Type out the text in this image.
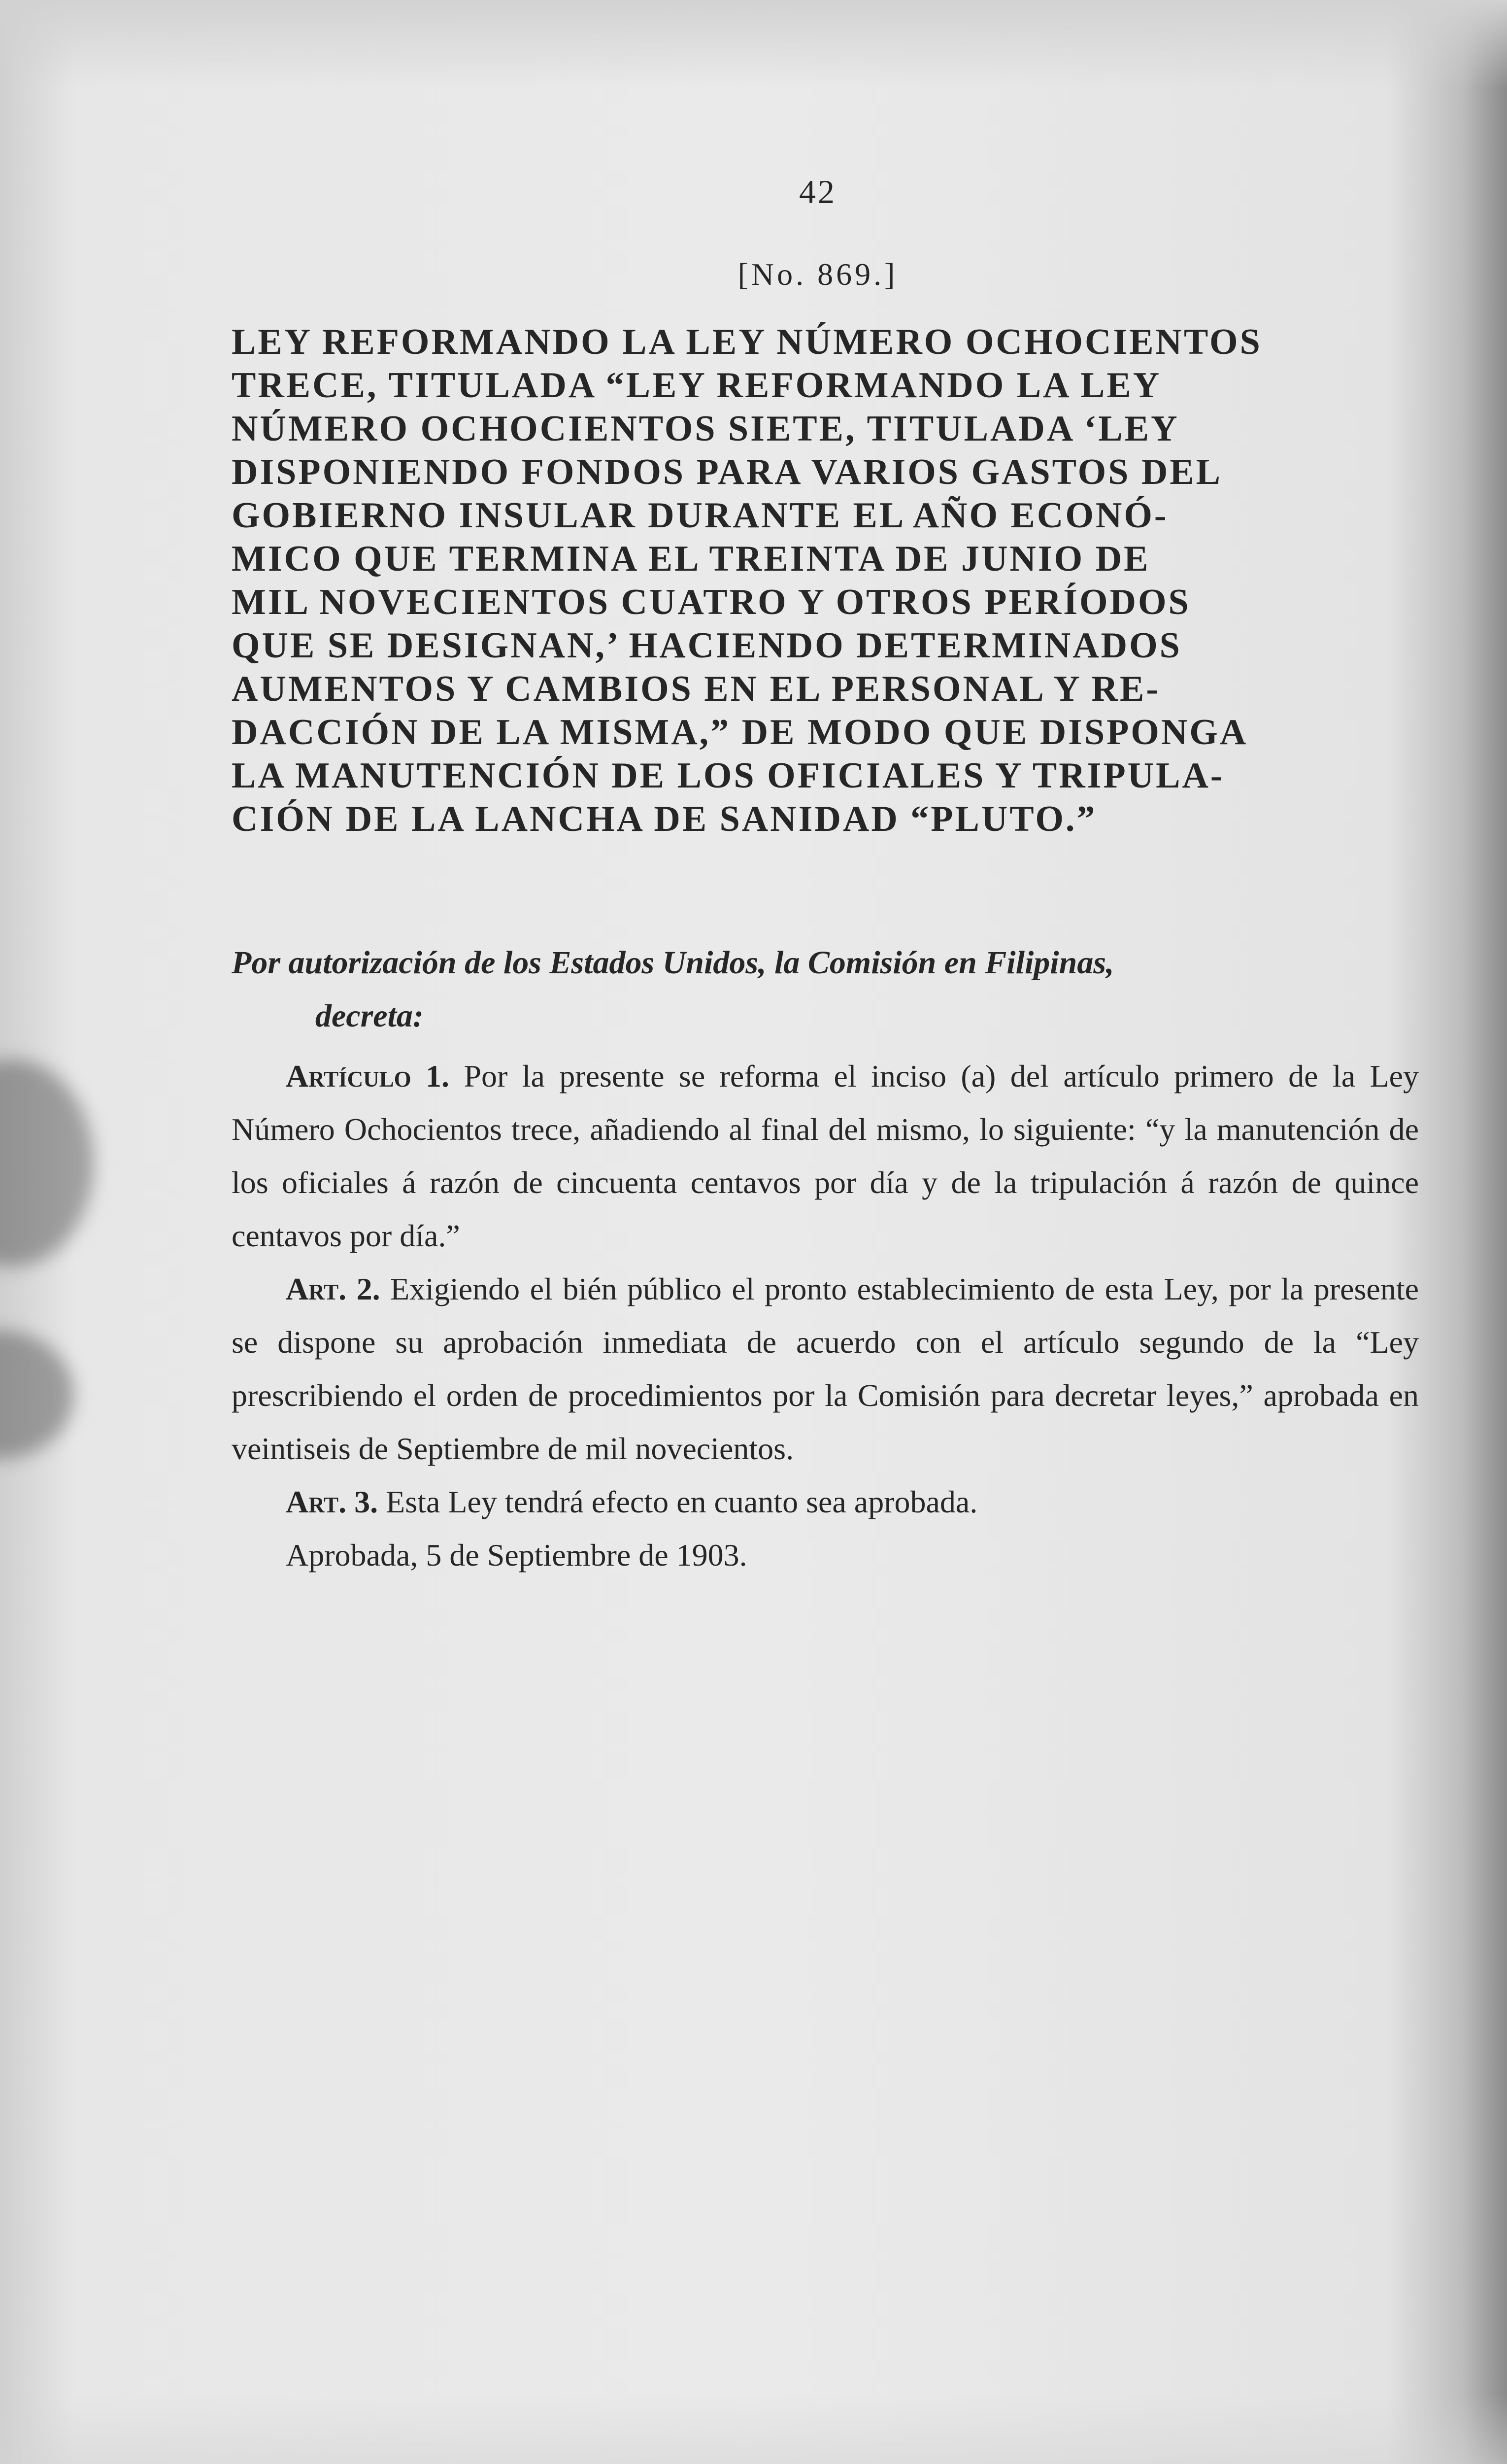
42
[No. 869.]
LEY REFORMANDO LA LEY NÚMERO OCHOCIENTOS
TRECE, TITULADA “LEY REFORMANDO LA LEY
NÚMERO OCHOCIENTOS SIETE, TITULADA ‘LEY
DISPONIENDO FONDOS PARA VARIOS GASTOS DEL
GOBIERNO INSULAR DURANTE EL AÑO ECONÓ-
MICO QUE TERMINA EL TREINTA DE JUNIO DE
MIL NOVECIENTOS CUATRO Y OTROS PERÍODOS
QUE SE DESIGNAN,’ HACIENDO DETERMINADOS
AUMENTOS Y CAMBIOS EN EL PERSONAL Y RE-
DACCIÓN DE LA MISMA,” DE MODO QUE DISPONGA
LA MANUTENCIÓN DE LOS OFICIALES Y TRIPULA-
CIÓN DE LA LANCHA DE SANIDAD “PLUTO.”
Por autorización de los Estados Unidos, la Comisión en Filipinas,
decreta:

Artículo 1. Por la presente se reforma el inciso (a) del artículo primero de la Ley Número Ochocientos trece, añadiendo al final del mismo, lo siguiente: “y la manutención de los oficiales á razón de cincuenta centavos por día y de la tripulación á razón de quince centavos por día.”

Art. 2. Exigiendo el bién público el pronto establecimiento de esta Ley, por la presente se dispone su aprobación inmediata de acuerdo con el artículo segundo de la “Ley prescribiendo el orden de procedimientos por la Comisión para decretar leyes,” aprobada en veintiseis de Septiembre de mil novecientos.

Art. 3. Esta Ley tendrá efecto en cuanto sea aprobada.

Aprobada, 5 de Septiembre de 1903.
